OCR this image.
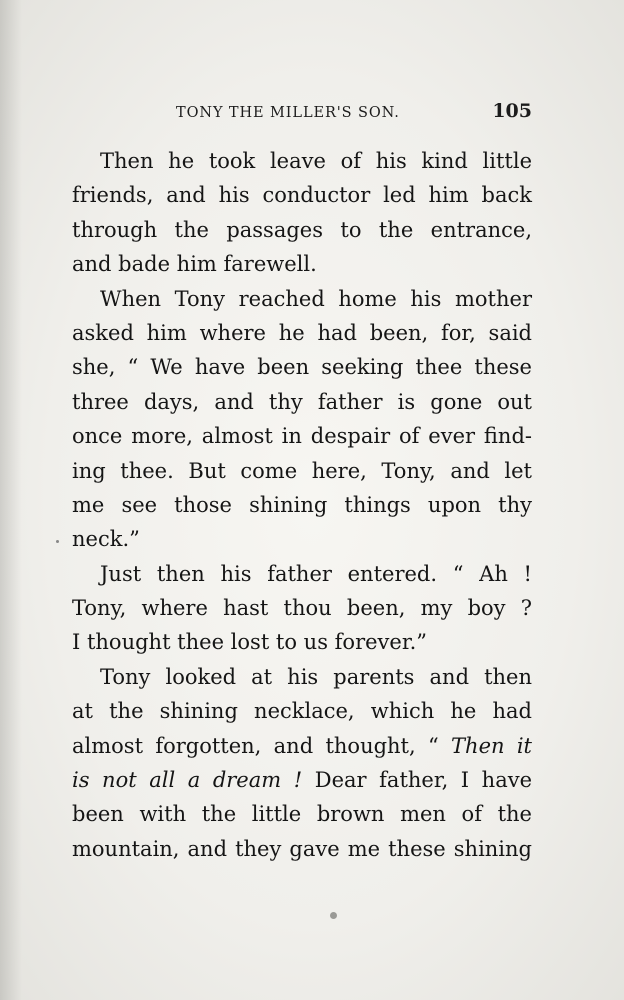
TONY THE MILLER'S SON.	105
Then he took leave of his kind little
friends, and his conductor led him back
through the passages to the entrance,
and bade him farewell.
When Tony reached home his mother
asked him where he had been, for, said
she, “ We have been seeking thee these
three days, and thy father is gone out
once more, almost in despair of ever find-
ing thee. But come here, Tony, and let
me see those shining things upon thy
neck.”
Just then his father entered. “ Ah !
Tony, where hast thou been, my boy ?
I thought thee lost to us forever.”
Tony looked at his parents and then
at the shining necklace, which he had
almost forgotten, and thought, “ Then it
is not all a dream ! Dear father, I have
been with the little brown men of the
mountain, and they gave me these shining
